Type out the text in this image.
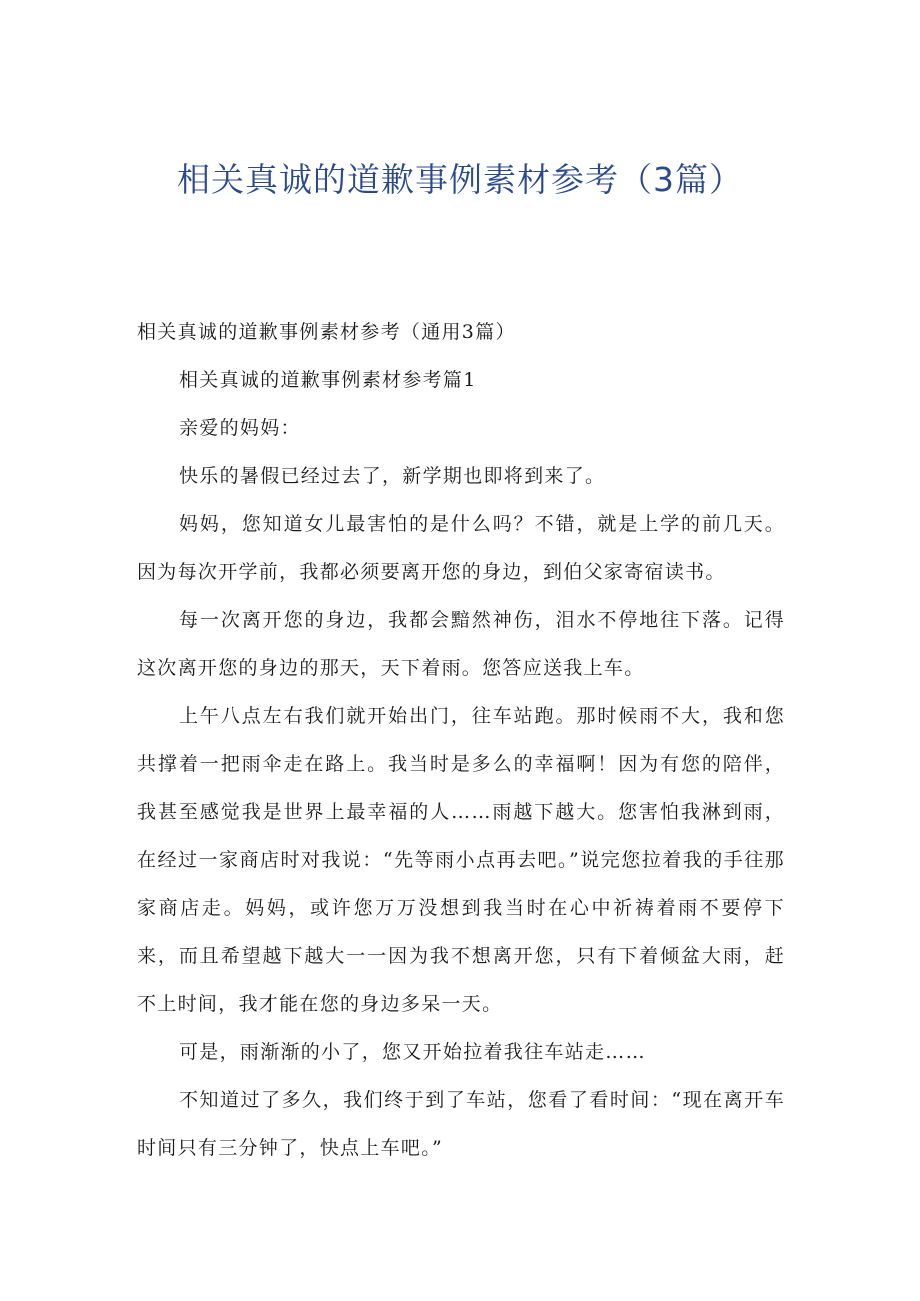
相关真诚的道歉事例素材参考（3篇）

相关真诚的道歉事例素材参考（通用3篇）

相关真诚的道歉事例素材参考篇1

亲爱的妈妈：

快乐的暑假已经过去了，新学期也即将到来了。

妈妈，您知道女儿最害怕的是什么吗？不错，就是上学的前几天。因为每次开学前，我都必须要离开您的身边，到伯父家寄宿读书。

每一次离开您的身边，我都会黯然神伤，泪水不停地往下落。记得这次离开您的身边的那天，天下着雨。您答应送我上车。

上午八点左右我们就开始出门，往车站跑。那时候雨不大，我和您共撑着一把雨伞走在路上。我当时是多么的幸福啊！因为有您的陪伴，我甚至感觉我是世界上最幸福的人……雨越下越大。您害怕我淋到雨，在经过一家商店时对我说：“先等雨小点再去吧。”说完您拉着我的手往那家商店走。妈妈，或许您万万没想到我当时在心中祈祷着雨不要停下来，而且希望越下越大一一因为我不想离开您，只有下着倾盆大雨，赶不上时间，我才能在您的身边多呆一天。

可是，雨渐渐的小了，您又开始拉着我往车站走……

不知道过了多久，我们终于到了车站，您看了看时间：“现在离开车时间只有三分钟了，快点上车吧。”
